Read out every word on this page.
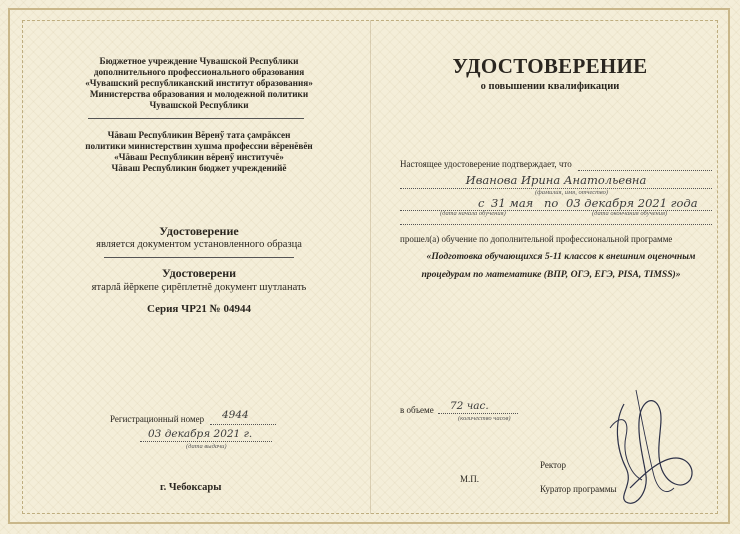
Бюджетное учреждение Чувашской Республики
дополнительного профессионального образования
«Чувашский республиканский институт образования»
Министерства образования и молодежной политики
Чувашской Республики
Чăваш Республикин Вĕренӳ тата çамрăксен
политики министерствин хушма профессии вĕренĕвĕн
«Чăваш Республикин вĕренӳ институчĕ»
Чăваш Республикин бюджет учрежденийĕ
Удостоверение
является документом установленного образца
Удостоверени
ятарлă йĕркепе çирĕплетнĕ документ шутланать
Серия ЧР21 № 04944
Регистрационный номер 4944
03 декабря 2021 г.
(дата выдачи)
г. Чебоксары
УДОСТОВЕРЕНИЕ
о повышении квалификации
Настоящее удостоверение подтверждает, что
Иванова Ирина Анатольевна
(фамилия, имя, отчество)
с 31 мая по 03 декабря 2021 года
(дата начала обучения)	(дата окончания обучения)
прошел(а) обучение по дополнительной профессиональной программе
«Подготовка обучающихся 5-11 классов к внешним оценочным
процедурам по математике (ВПР, ОГЭ, ЕГЭ, PISA, TIMSS)»
в объеме 72 час.
(количество часов)
М.П.
Ректор
Куратор программы
